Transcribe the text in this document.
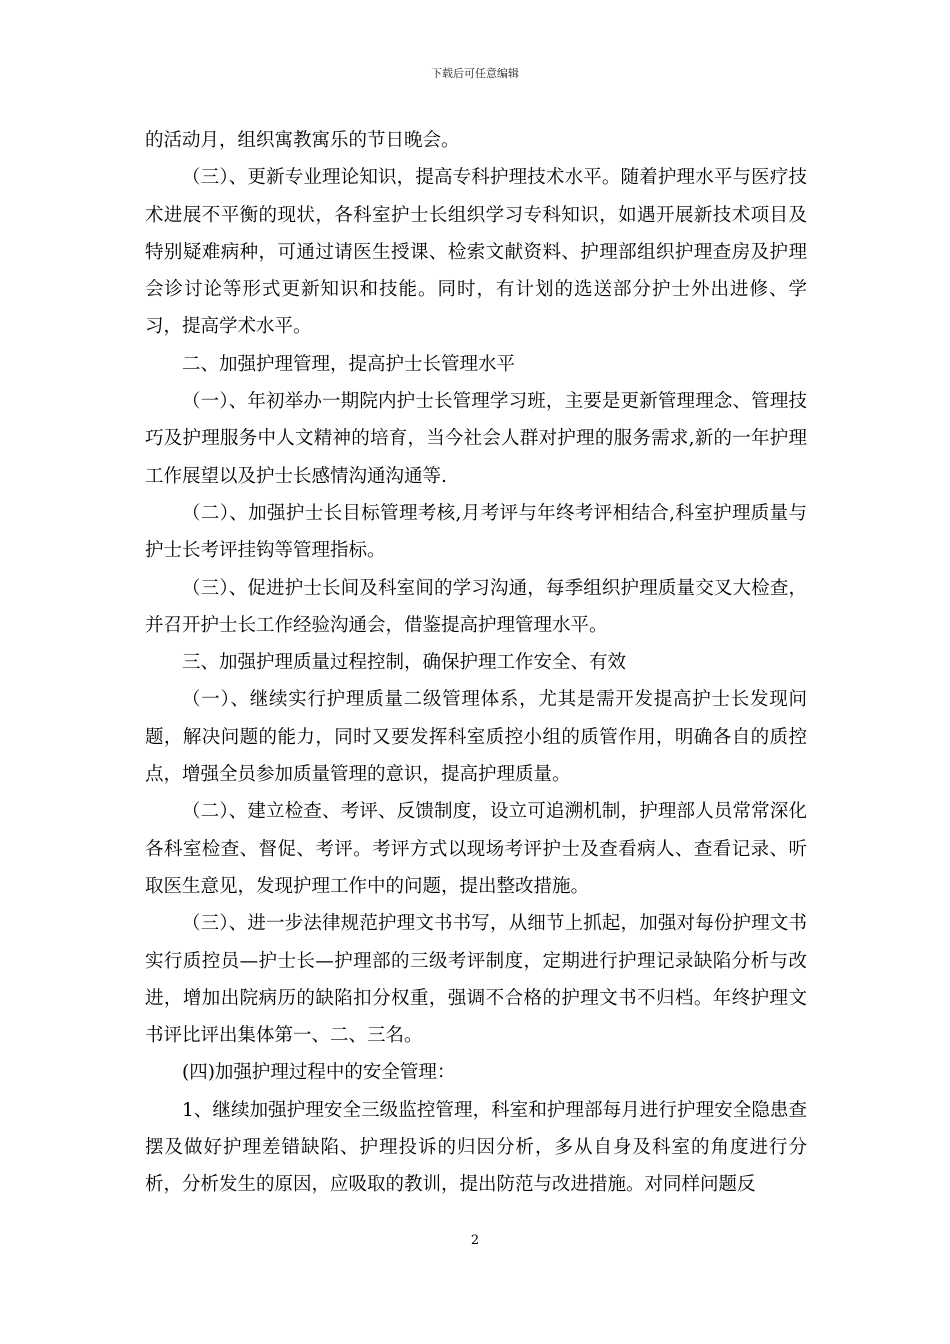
下载后可任意编辑

的活动月，组织寓教寓乐的节日晚会。

（三）、更新专业理论知识，提高专科护理技术水平。随着护理水平与医疗技术进展不平衡的现状，各科室护士长组织学习专科知识，如遇开展新技术项目及特别疑难病种，可通过请医生授课、检索文献资料、护理部组织护理查房及护理会诊讨论等形式更新知识和技能。同时，有计划的选送部分护士外出进修、学习，提高学术水平。

二、加强护理管理，提高护士长管理水平

（一）、年初举办一期院内护士长管理学习班，主要是更新管理理念、管理技巧及护理服务中人文精神的培育，当今社会人群对护理的服务需求,新的一年护理工作展望以及护士长感情沟通沟通等.

（二）、加强护士长目标管理考核,月考评与年终考评相结合,科室护理质量与护士长考评挂钩等管理指标。

（三）、促进护士长间及科室间的学习沟通，每季组织护理质量交叉大检查，并召开护士长工作经验沟通会，借鉴提高护理管理水平。

三、加强护理质量过程控制，确保护理工作安全、有效

（一）、继续实行护理质量二级管理体系，尤其是需开发提高护士长发现问题，解决问题的能力，同时又要发挥科室质控小组的质管作用，明确各自的质控点，增强全员参加质量管理的意识，提高护理质量。

（二）、建立检查、考评、反馈制度，设立可追溯机制，护理部人员常常深化各科室检查、督促、考评。考评方式以现场考评护士及查看病人、查看记录、听取医生意见，发现护理工作中的问题，提出整改措施。

（三）、进一步法律规范护理文书书写，从细节上抓起，加强对每份护理文书实行质控员—护士长—护理部的三级考评制度，定期进行护理记录缺陷分析与改进，增加出院病历的缺陷扣分权重，强调不合格的护理文书不归档。年终护理文书评比评出集体第一、二、三名。

(四)加强护理过程中的安全管理：

1、继续加强护理安全三级监控管理，科室和护理部每月进行护理安全隐患查摆及做好护理差错缺陷、护理投诉的归因分析，多从自身及科室的角度进行分析，分析发生的原因，应吸取的教训，提出防范与改进措施。对同样问题反

2
